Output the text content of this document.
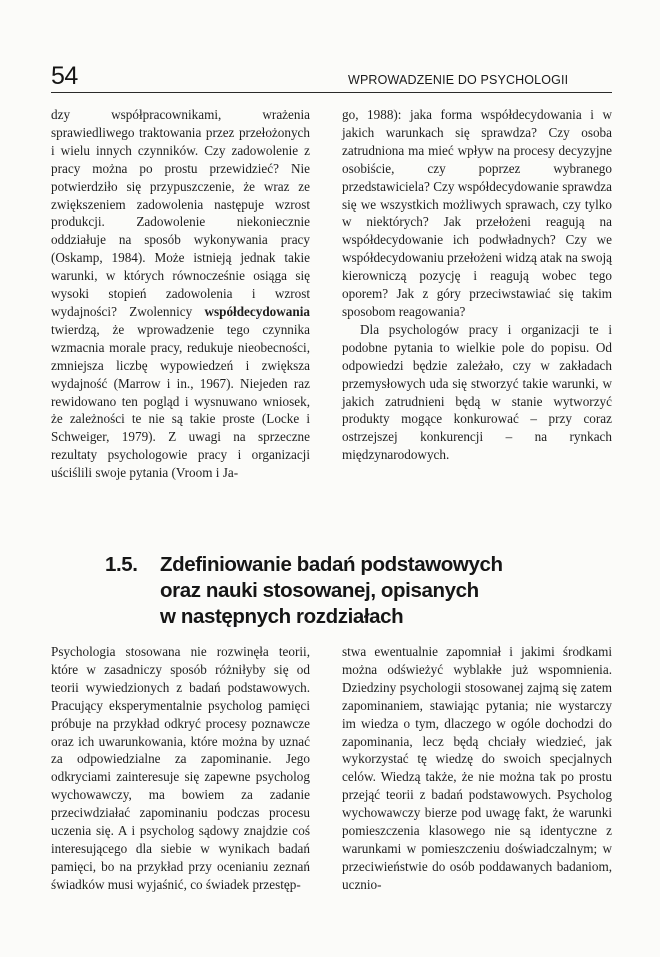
54	WPROWADZENIE DO PSYCHOLOGII

dzy współpracownikami, wrażenia sprawiedliwego traktowania przez przełożonych i wielu innych czynników. Czy zadowolenie z pracy można po prostu przewidzieć? Nie potwierdziło się przypuszczenie, że wraz ze zwiększeniem zadowolenia następuje wzrost produkcji. Zadowolenie niekoniecznie oddziałuje na sposób wykonywania pracy (Oskamp, 1984). Może istnieją jednak takie warunki, w których równocześnie osiąga się wysoki stopień zadowolenia i wzrost wydajności? Zwolennicy współdecydowania twierdzą, że wprowadzenie tego czynnika wzmacnia morale pracy, redukuje nieobecności, zmniejsza liczbę wypowiedzeń i zwiększa wydajność (Marrow i in., 1967). Niejeden raz rewidowano ten pogląd i wysnuwano wniosek, że zależności te nie są takie proste (Locke i Schweiger, 1979). Z uwagi na sprzeczne rezultaty psychologowie pracy i organizacji uściślili swoje pytania (Vroom i Ja-

go, 1988): jaka forma współdecydowania i w jakich warunkach się sprawdza? Czy osoba zatrudniona ma mieć wpływ na procesy decyzyjne osobiście, czy poprzez wybranego przedstawiciela? Czy współdecydowanie sprawdza się we wszystkich możliwych sprawach, czy tylko w niektórych? Jak przełożeni reagują na współdecydowanie ich podwładnych? Czy we współdecydowaniu przełożeni widzą atak na swoją kierowniczą pozycję i reagują wobec tego oporem? Jak z góry przeciwstawiać się takim sposobom reagowania?

Dla psychologów pracy i organizacji te i podobne pytania to wielkie pole do popisu. Od odpowiedzi będzie zależało, czy w zakładach przemysłowych uda się stworzyć takie warunki, w jakich zatrudnieni będą w stanie wytworzyć produkty mogące konkurować – przy coraz ostrzejszej konkurencji – na rynkach międzynarodowych.

1.5. Zdefiniowanie badań podstawowych
oraz nauki stosowanej, opisanych
w następnych rozdziałach

Psychologia stosowana nie rozwinęła teorii, które w zasadniczy sposób różniłyby się od teorii wywiedzionych z badań podstawowych. Pracujący eksperymentalnie psycholog pamięci próbuje na przykład odkryć procesy poznawcze oraz ich uwarunkowania, które można by uznać za odpowiedzialne za zapominanie. Jego odkryciami zainteresuje się zapewne psycholog wychowawczy, ma bowiem za zadanie przeciwdziałać zapominaniu podczas procesu uczenia się. A i psycholog sądowy znajdzie coś interesującego dla siebie w wynikach badań pamięci, bo na przykład przy ocenianiu zeznań świadków musi wyjaśnić, co świadek przestęp-

stwa ewentualnie zapomniał i jakimi środkami można odświeżyć wyblakłe już wspomnienia. Dziedziny psychologii stosowanej zajmą się zatem zapominaniem, stawiając pytania; nie wystarczy im wiedza o tym, dlaczego w ogóle dochodzi do zapominania, lecz będą chciały wiedzieć, jak wykorzystać tę wiedzę do swoich specjalnych celów. Wiedzą także, że nie można tak po prostu przejąć teorii z badań podstawowych. Psycholog wychowawczy bierze pod uwagę fakt, że warunki pomieszczenia klasowego nie są identyczne z warunkami w pomieszczeniu doświadczalnym; w przeciwieństwie do osób poddawanych badaniom, ucznio-
